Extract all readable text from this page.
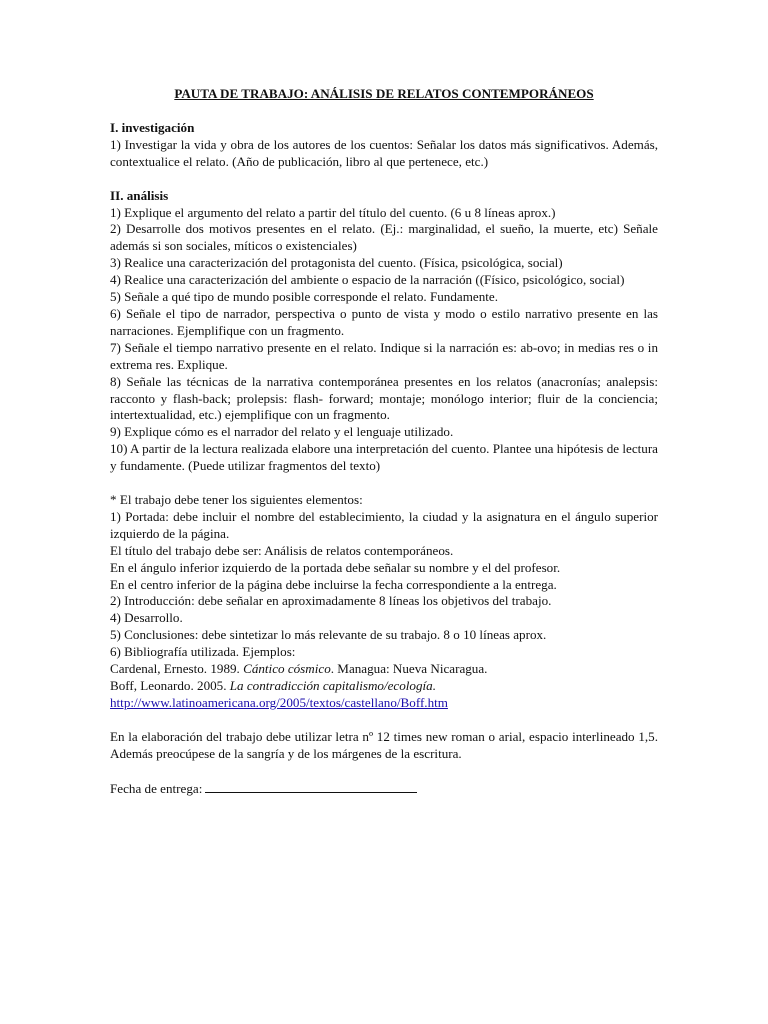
PAUTA DE TRABAJO: ANÁLISIS DE RELATOS CONTEMPORÁNEOS

I. investigación

1) Investigar la vida y obra de los autores de los cuentos: Señalar los datos más significativos. Además, contextualice el relato. (Año de publicación, libro al que pertenece, etc.)

II. análisis

1) Explique el argumento del relato a partir del título del cuento. (6 u 8 líneas aprox.)

2) Desarrolle dos motivos presentes en el relato. (Ej.: marginalidad, el sueño, la muerte, etc) Señale además si son sociales, míticos o existenciales)

3) Realice una caracterización del protagonista del cuento. (Física, psicológica, social)

4) Realice una caracterización del ambiente o espacio de la narración ((Físico, psicológico, social)

5) Señale a qué tipo de mundo posible corresponde el relato. Fundamente.

6) Señale el tipo de narrador, perspectiva o punto de vista y modo o estilo narrativo presente en las narraciones. Ejemplifique con un fragmento.

7) Señale el tiempo narrativo presente en el relato. Indique si la narración es: ab-ovo; in medias res o in extrema res. Explique.

8) Señale las técnicas de la narrativa contemporánea presentes en los relatos (anacronías; analepsis: racconto y flash-back; prolepsis: flash- forward; montaje; monólogo interior; fluir de la conciencia; intertextualidad, etc.) ejemplifique con un fragmento.

9) Explique cómo es el narrador del relato y el lenguaje utilizado.

10) A partir de la lectura realizada elabore una interpretación del cuento. Plantee una hipótesis de lectura y fundamente. (Puede utilizar fragmentos del texto)

* El trabajo debe tener los siguientes elementos:

1) Portada: debe incluir el nombre del establecimiento, la ciudad y la asignatura en el ángulo superior izquierdo de la página.

El título del trabajo debe ser: Análisis de relatos contemporáneos.

En el ángulo inferior izquierdo de la portada debe señalar su nombre y el del profesor.

En el centro inferior de la página debe incluirse la fecha correspondiente a la entrega.

2) Introducción: debe señalar en aproximadamente 8 líneas los objetivos del trabajo.

4) Desarrollo.

5) Conclusiones: debe sintetizar lo más relevante de su trabajo. 8 o 10 líneas aprox.

6) Bibliografía utilizada. Ejemplos:

Cardenal, Ernesto. 1989. Cántico cósmico. Managua: Nueva Nicaragua.

Boff, Leonardo. 2005. La contradicción capitalismo/ecología.

http://www.latinoamericana.org/2005/textos/castellano/Boff.htm

En la elaboración del trabajo debe utilizar letra nº 12 times new roman o arial, espacio interlineado 1,5. Además preocúpese de la sangría y de los márgenes de la escritura.

Fecha de entrega:
